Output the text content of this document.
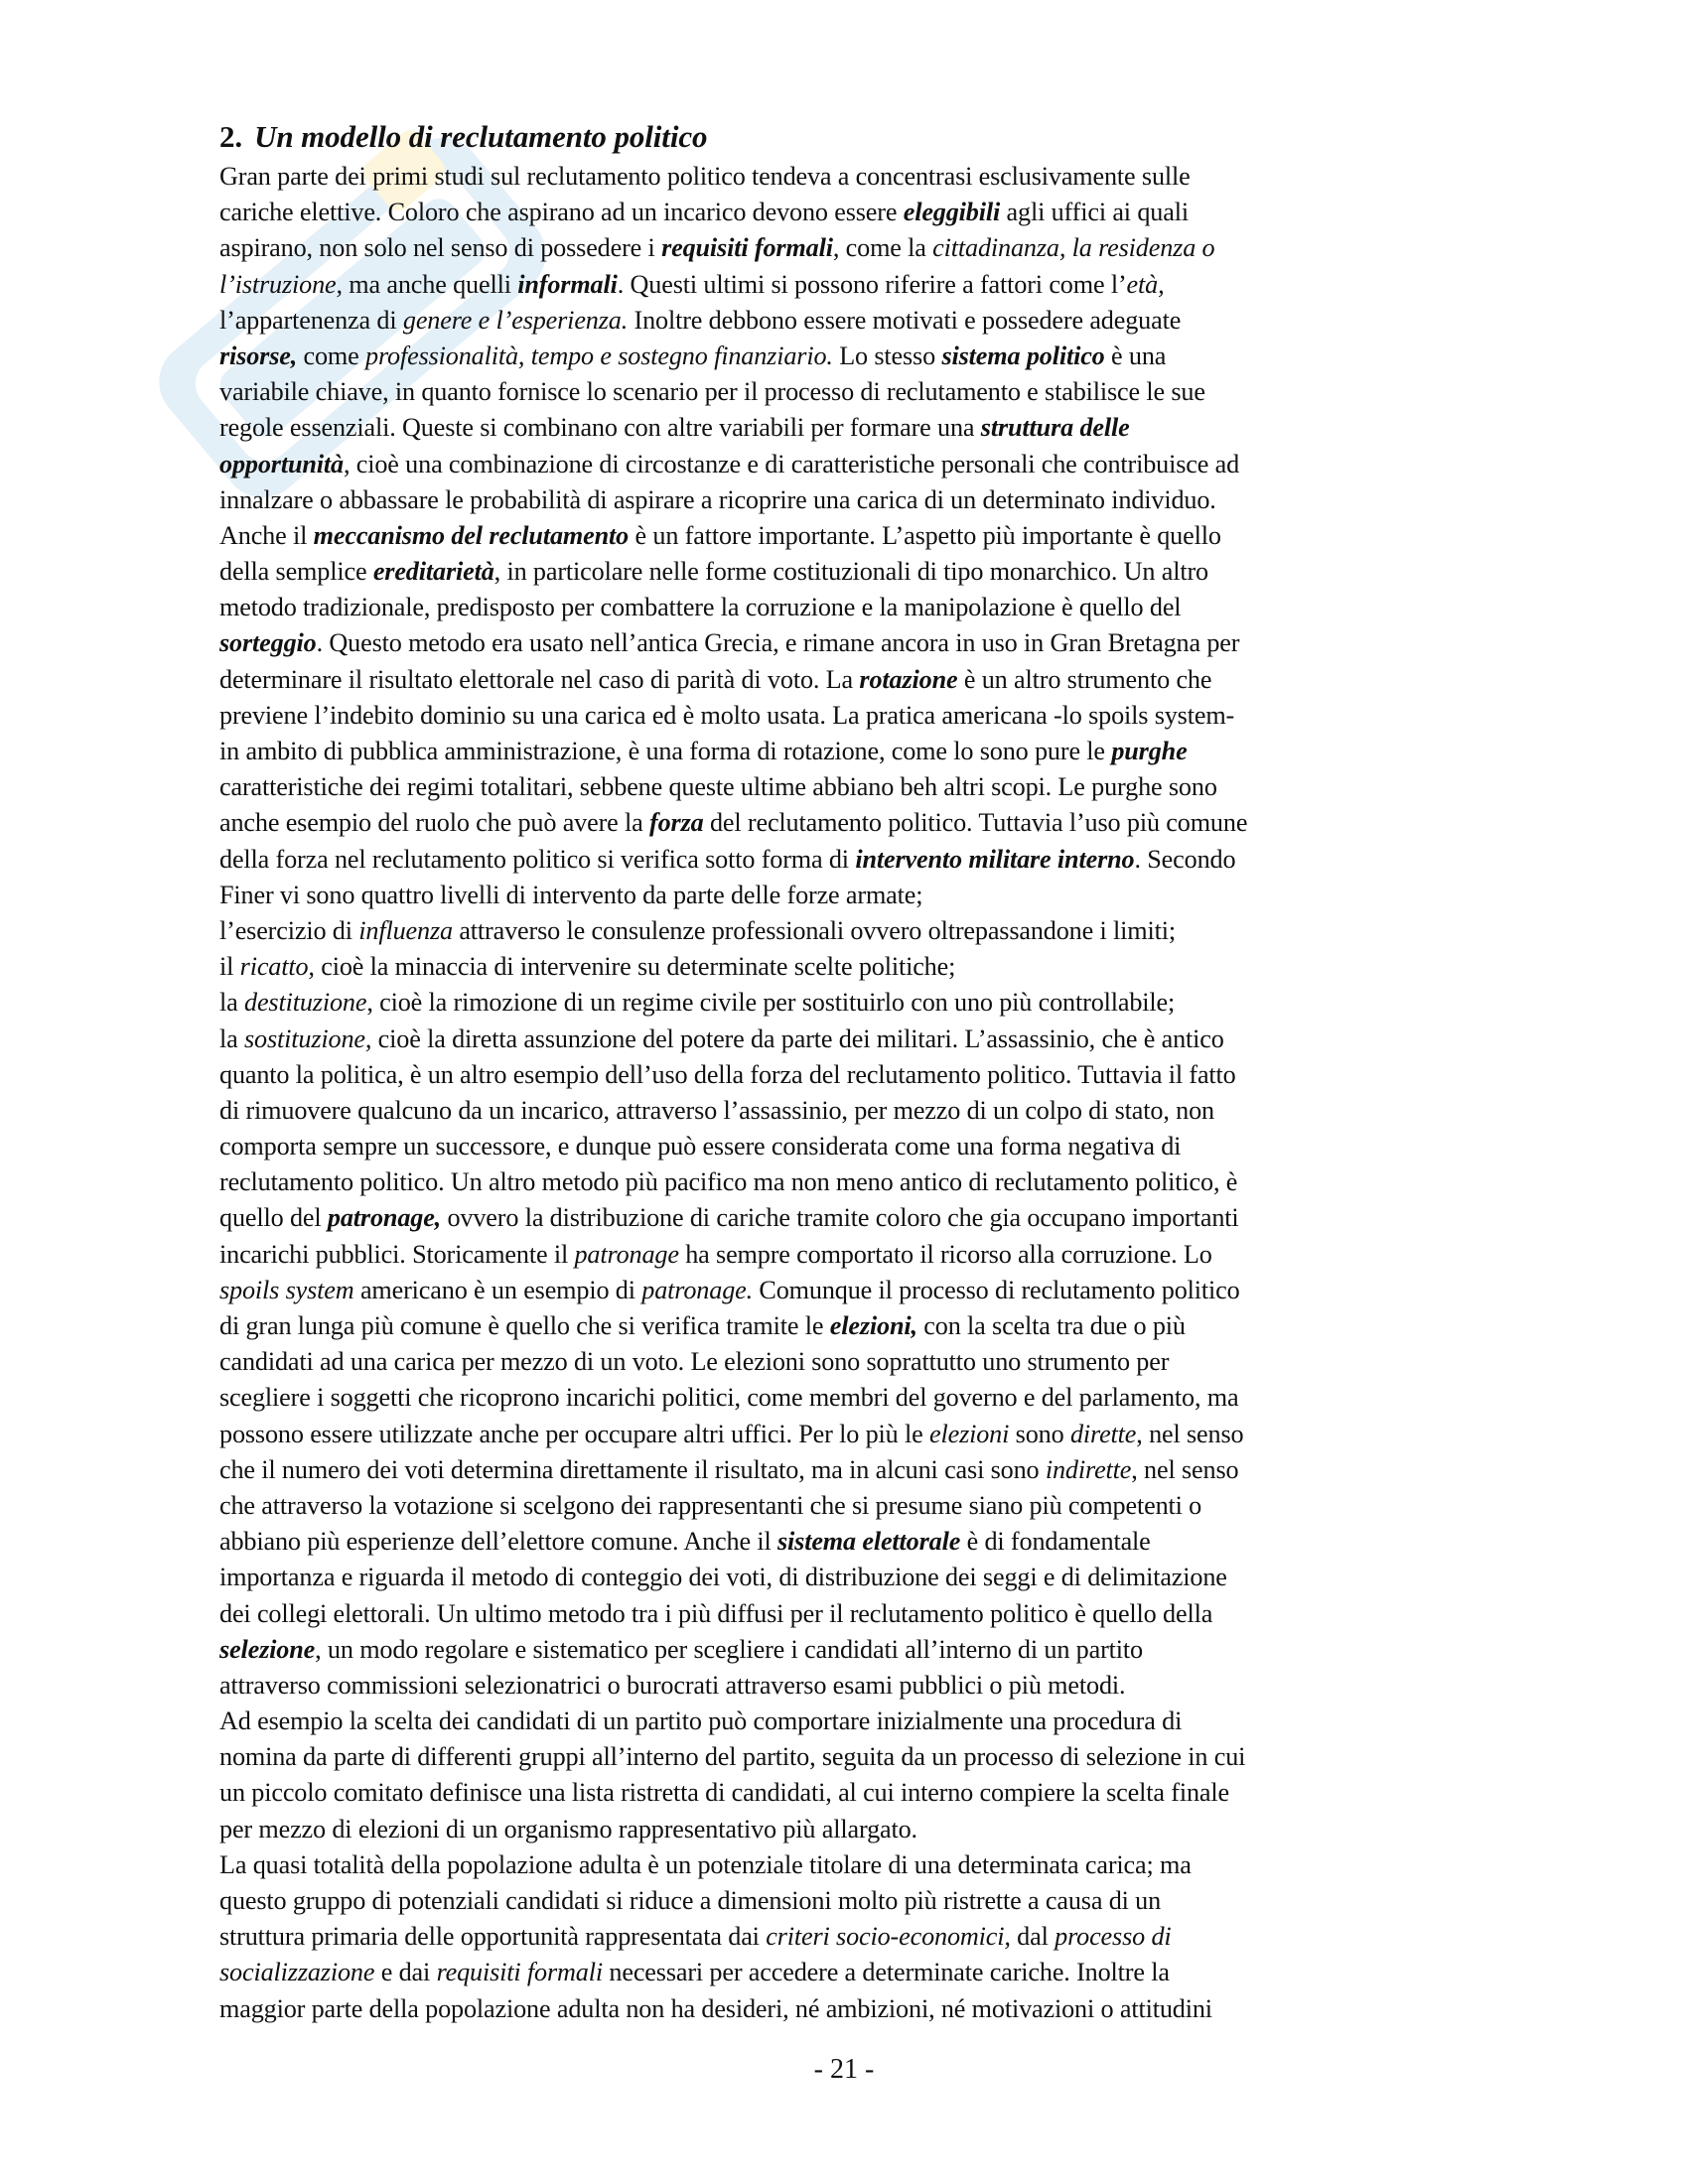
2. Un modello di reclutamento politico
Gran parte dei primi studi sul reclutamento politico tendeva a concentrasi esclusivamente sulle
cariche elettive. Coloro che aspirano ad un incarico devono essere eleggibili agli uffici ai quali
aspirano, non solo nel senso di possedere i requisiti formali, come la cittadinanza, la residenza o
l’istruzione, ma anche quelli informali. Questi ultimi si possono riferire a fattori come l’età,
l’appartenenza di genere e l’esperienza. Inoltre debbono essere motivati e possedere adeguate
risorse, come professionalità, tempo e sostegno finanziario. Lo stesso sistema politico è una
variabile chiave, in quanto fornisce lo scenario per il processo di reclutamento e stabilisce le sue
regole essenziali. Queste si combinano con altre variabili per formare una struttura delle
opportunità, cioè una combinazione di circostanze e di caratteristiche personali che contribuisce ad
innalzare o abbassare le probabilità di aspirare a ricoprire una carica di un determinato individuo.
Anche il meccanismo del reclutamento è un fattore importante. L’aspetto più importante è quello
della semplice ereditarietà, in particolare nelle forme costituzionali di tipo monarchico. Un altro
metodo tradizionale, predisposto per combattere la corruzione e la manipolazione è quello del
sorteggio. Questo metodo era usato nell’antica Grecia, e rimane ancora in uso in Gran Bretagna per
determinare il risultato elettorale nel caso di parità di voto. La rotazione è un altro strumento che
previene l’indebito dominio su una carica ed è molto usata. La pratica americana -lo spoils system-
in ambito di pubblica amministrazione, è una forma di rotazione, come lo sono pure le purghe
caratteristiche dei regimi totalitari, sebbene queste ultime abbiano beh altri scopi. Le purghe sono
anche esempio del ruolo che può avere la forza del reclutamento politico. Tuttavia l’uso più comune
della forza nel reclutamento politico si verifica sotto forma di intervento militare interno. Secondo
Finer vi sono quattro livelli di intervento da parte delle forze armate;
l’esercizio di influenza attraverso le consulenze professionali ovvero oltrepassandone i limiti;
il ricatto, cioè la minaccia di intervenire su determinate scelte politiche;
la destituzione, cioè la rimozione di un regime civile per sostituirlo con uno più controllabile;
la sostituzione, cioè la diretta assunzione del potere da parte dei militari. L’assassinio, che è antico
quanto la politica, è un altro esempio dell’uso della forza del reclutamento politico. Tuttavia il fatto
di rimuovere qualcuno da un incarico, attraverso l’assassinio, per mezzo di un colpo di stato, non
comporta sempre un successore, e dunque può essere considerata come una forma negativa di
reclutamento politico. Un altro metodo più pacifico ma non meno antico di reclutamento politico, è
quello del patronage, ovvero la distribuzione di cariche tramite coloro che gia occupano importanti
incarichi pubblici. Storicamente il patronage ha sempre comportato il ricorso alla corruzione. Lo
spoils system americano è un esempio di patronage. Comunque il processo di reclutamento politico
di gran lunga più comune è quello che si verifica tramite le elezioni, con la scelta tra due o più
candidati ad una carica per mezzo di un voto. Le elezioni sono soprattutto uno strumento per
scegliere i soggetti che ricoprono incarichi politici, come membri del governo e del parlamento, ma
possono essere utilizzate anche per occupare altri uffici. Per lo più le elezioni sono dirette, nel senso
che il numero dei voti determina direttamente il risultato, ma in alcuni casi sono indirette, nel senso
che attraverso la votazione si scelgono dei rappresentanti che si presume siano più competenti o
abbiano più esperienze dell’elettore comune. Anche il sistema elettorale è di fondamentale
importanza e riguarda il metodo di conteggio dei voti, di distribuzione dei seggi e di delimitazione
dei collegi elettorali. Un ultimo metodo tra i più diffusi per il reclutamento politico è quello della
selezione, un modo regolare e sistematico per scegliere i candidati all’interno di un partito
attraverso commissioni selezionatrici o burocrati attraverso esami pubblici o più metodi.
Ad esempio la scelta dei candidati di un partito può comportare inizialmente una procedura di
nomina da parte di differenti gruppi all’interno del partito, seguita da un processo di selezione in cui
un piccolo comitato definisce una lista ristretta di candidati, al cui interno compiere la scelta finale
per mezzo di elezioni di un organismo rappresentativo più allargato.
La quasi totalità della popolazione adulta è un potenziale titolare di una determinata carica; ma
questo gruppo di potenziali candidati si riduce a dimensioni molto più ristrette a causa di un
struttura primaria delle opportunità rappresentata dai criteri socio-economici, dal processo di
socializzazione e dai requisiti formali necessari per accedere a determinate cariche. Inoltre la
maggior parte della popolazione adulta non ha desideri, né ambizioni, né motivazioni o attitudini
- 21 -
